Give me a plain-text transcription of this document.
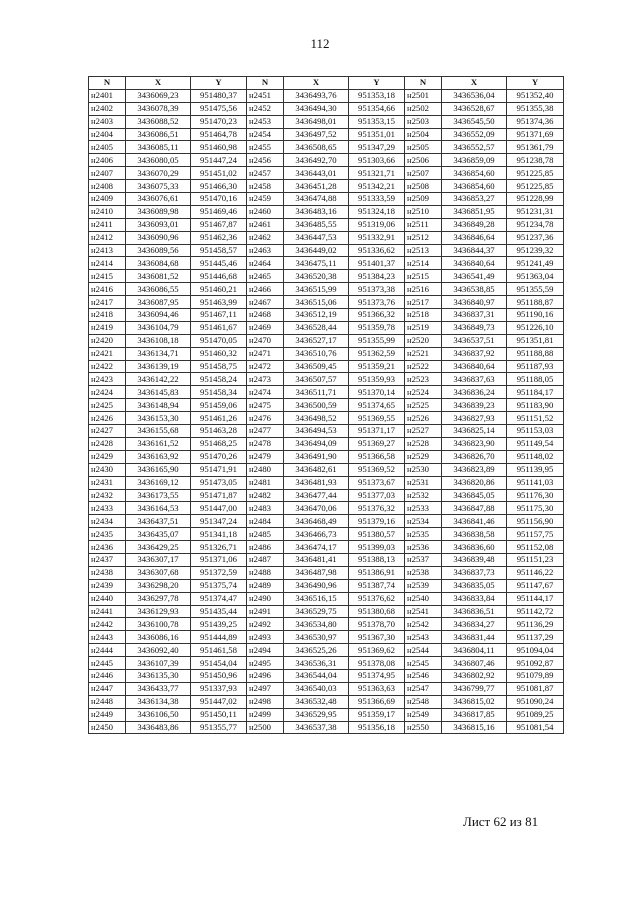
112
N	X	Y	N	X	Y	N	X	Y
н2401	3436069,23	951480,37	н2451	3436493,76	951353,18	н2501	3436536,04	951352,40
н2402	3436078,39	951475,56	н2452	3436494,30	951354,66	н2502	3436528,67	951355,38
н2403	3436088,52	951470,23	н2453	3436498,01	951353,15	н2503	3436545,50	951374,36
н2404	3436086,51	951464,78	н2454	3436497,52	951351,01	н2504	3436552,09	951371,69
н2405	3436085,11	951460,98	н2455	3436508,65	951347,29	н2505	3436552,57	951361,79
н2406	3436080,05	951447,24	н2456	3436492,70	951303,66	н2506	3436859,09	951238,78
н2407	3436070,29	951451,02	н2457	3436443,01	951321,71	н2507	3436854,60	951225,85
н2408	3436075,33	951466,30	н2458	3436451,28	951342,21	н2508	3436854,60	951225,85
н2409	3436076,61	951470,16	н2459	3436474,88	951333,59	н2509	3436853,27	951228,99
н2410	3436089,98	951469,46	н2460	3436483,16	951324,18	н2510	3436851,95	951231,31
н2411	3436093,01	951467,87	н2461	3436485,55	951319,06	н2511	3436849,28	951234,78
н2412	3436090,96	951462,36	н2462	3436447,53	951332,91	н2512	3436846,64	951237,36
н2413	3436089,56	951458,57	н2463	3436449,02	951336,62	н2513	3436844,37	951239,32
н2414	3436084,68	951445,46	н2464	3436475,11	951401,37	н2514	3436840,64	951241,49
н2415	3436081,52	951446,68	н2465	3436520,38	951384,23	н2515	3436541,49	951363,04
н2416	3436086,55	951460,21	н2466	3436515,99	951373,38	н2516	3436538,85	951355,59
н2417	3436087,95	951463,99	н2467	3436515,06	951373,76	н2517	3436840,97	951188,87
н2418	3436094,46	951467,11	н2468	3436512,19	951366,32	н2518	3436837,31	951190,16
н2419	3436104,79	951461,67	н2469	3436528,44	951359,78	н2519	3436849,73	951226,10
н2420	3436108,18	951470,05	н2470	3436527,17	951355,99	н2520	3436537,51	951351,81
н2421	3436134,71	951460,32	н2471	3436510,76	951362,59	н2521	3436837,92	951188,88
н2422	3436139,19	951458,75	н2472	3436509,45	951359,21	н2522	3436840,64	951187,93
н2423	3436142,22	951458,24	н2473	3436507,57	951359,93	н2523	3436837,63	951188,05
н2424	3436145,83	951458,34	н2474	3436511,71	951370,14	н2524	3436836,24	951184,17
н2425	3436148,94	951459,06	н2475	3436500,59	951374,65	н2525	3436839,23	951183,90
н2426	3436153,30	951461,26	н2476	3436498,52	951369,55	н2526	3436827,93	951151,52
н2427	3436155,68	951463,28	н2477	3436494,53	951371,17	н2527	3436825,14	951153,03
н2428	3436161,52	951468,25	н2478	3436494,09	951369,27	н2528	3436823,90	951149,54
н2429	3436163,92	951470,26	н2479	3436491,90	951366,58	н2529	3436826,70	951148,02
н2430	3436165,90	951471,91	н2480	3436482,61	951369,52	н2530	3436823,89	951139,95
н2431	3436169,12	951473,05	н2481	3436481,93	951373,67	н2531	3436820,86	951141,03
н2432	3436173,55	951471,87	н2482	3436477,44	951377,03	н2532	3436845,05	951176,30
н2433	3436164,53	951447,00	н2483	3436470,06	951376,32	н2533	3436847,88	951175,30
н2434	3436437,51	951347,24	н2484	3436468,49	951379,16	н2534	3436841,46	951156,90
н2435	3436435,07	951341,18	н2485	3436466,73	951380,57	н2535	3436838,58	951157,75
н2436	3436429,25	951326,71	н2486	3436474,17	951399,03	н2536	3436836,60	951152,08
н2437	3436307,17	951371,06	н2487	3436481,41	951388,13	н2537	3436839,48	951151,23
н2438	3436307,68	951372,59	н2488	3436487,98	951386,91	н2538	3436837,73	951146,22
н2439	3436298,20	951375,74	н2489	3436490,96	951387,74	н2539	3436835,05	951147,67
н2440	3436297,78	951374,47	н2490	3436516,15	951376,62	н2540	3436833,84	951144,17
н2441	3436129,93	951435,44	н2491	3436529,75	951380,68	н2541	3436836,51	951142,72
н2442	3436100,78	951439,25	н2492	3436534,80	951378,70	н2542	3436834,27	951136,29
н2443	3436086,16	951444,89	н2493	3436530,97	951367,30	н2543	3436831,44	951137,29
н2444	3436092,40	951461,58	н2494	3436525,26	951369,62	н2544	3436804,11	951094,04
н2445	3436107,39	951454,04	н2495	3436536,31	951378,08	н2545	3436807,46	951092,87
н2446	3436135,30	951450,96	н2496	3436544,04	951374,95	н2546	3436802,92	951079,89
н2447	3436433,77	951337,93	н2497	3436540,03	951363,63	н2547	3436799,77	951081,87
н2448	3436134,38	951447,02	н2498	3436532,48	951366,69	н2548	3436815,02	951090,24
н2449	3436106,50	951450,11	н2499	3436529,95	951359,17	н2549	3436817,85	951089,25
н2450	3436483,86	951355,77	н2500	3436537,38	951356,18	н2550	3436815,16	951081,54
Лист 62 из 81
